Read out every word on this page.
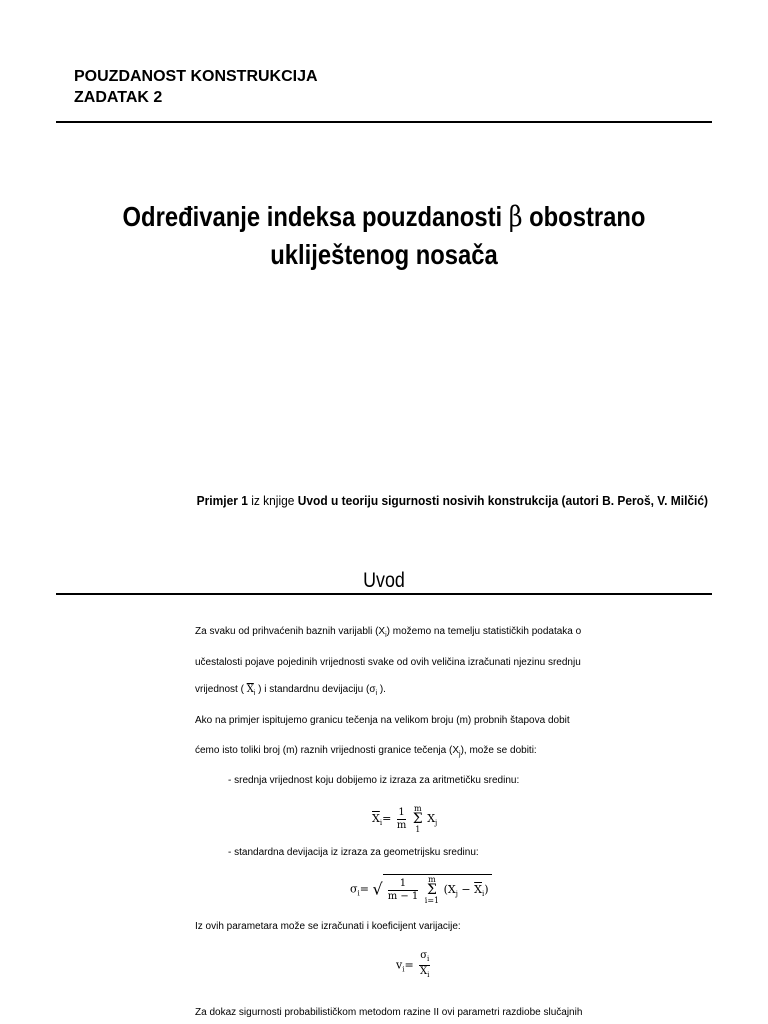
POUZDANOST KONSTRUKCIJA
ZADATAK 2
Određivanje indeksa pouzdanosti β obostrano
ukliještenog nosača
Primjer 1 iz knjige Uvod u teoriju sigurnosti nosivih konstrukcija (autori B. Peroš, V. Milčić)
Uvod
Za svaku od prihvaćenih baznih varijabli $(X_i)$ možemo na temelju statističkih podataka o
učestalosti pojave pojedinih vrijednosti svake od ovih veličina izračunati njezinu srednju
vrijednost ( $\overline{X}_i$ ) i standardnu devijaciju ($\sigma_i$ ).
Ako na primjer ispitujemo granicu tečenja na velikom broju (m) probnih štapova dobit
ćemo isto toliki broj (m) raznih vrijednosti granice tečenja $(X_j)$, može se dobiti:
- srednja vrijednost koju dobijemo iz izraza za aritmetičku sredinu:
$\overline{X}_i= \frac{1}{m}$ m
Σ
1 $X_j$
- standardna devijacija iz izraza za geometrijsku sredinu:
$\sigma_i=$ √ $\frac{1}{m - 1}$ m
Σ
i=1 $(X_j - \overline{X}_i)$
Iz ovih parametara može se izračunati i koeficijent varijacije:
$v_i= \frac{\sigma_i}{\overline{X}_i}$
Za dokaz sigurnosti probabilističkom metodom razine II ovi parametri razdiobe slučajnih
